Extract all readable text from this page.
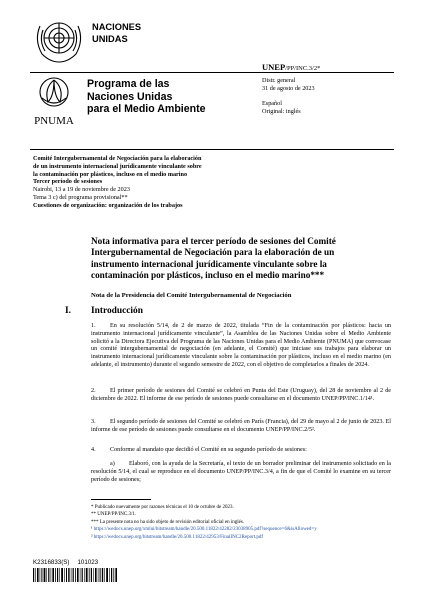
NACIONES
UNIDAS
UNEP/PP/INC.3/2*
PNUMA
Programa de las
Naciones Unidas
para el Medio Ambiente
Distr. general
31 de agosto de 2023
Español
Original: inglés
Comité Intergubernamental de Negociación para la elaboración
de un instrumento internacional jurídicamente vinculante sobre
la contaminación por plásticos, incluso en el medio marino
Tercer período de sesiones
Nairobi, 13 a 19 de noviembre de 2023
Tema 3 c) del programa provisional**
Cuestiones de organización: organización de los trabajos
Nota informativa para el tercer período de sesiones del Comité
Intergubernamental de Negociación para la elaboración de un
instrumento internacional jurídicamente vinculante sobre la
contaminación por plásticos, incluso en el medio marino***
Nota de la Presidencia del Comité Intergubernamental de Negociación
I. Introducción
1. En su resolución 5/14, de 2 de marzo de 2022, titulada “Fin de la contaminación por plásticos: hacia un instrumento internacional jurídicamente vinculante”, la Asamblea de las Naciones Unidas sobre el Medio Ambiente solicitó a la Directora Ejecutiva del Programa de las Naciones Unidas para el Medio Ambiente (PNUMA) que convocase un comité intergubernamental de negociación (en adelante, el Comité) que iniciase sus trabajos para elaborar un instrumento internacional jurídicamente vinculante sobre la contaminación por plásticos, incluso en el medio marino (en adelante, el instrumento) durante el segundo semestre de 2022, con el objetivo de completarlos a finales de 2024.
2. El primer período de sesiones del Comité se celebró en Punta del Este (Uruguay), del 28 de noviembre al 2 de diciembre de 2022. El informe de ese período de sesiones puede consultarse en el documento UNEP/PP/INC.1/14¹.
3. El segundo período de sesiones del Comité se celebró en París (Francia), del 29 de mayo al 2 de junio de 2023. El informe de ese período de sesiones puede consultarse en el documento UNEP/PP/INC.2/5².
4. Conforme al mandato que decidió el Comité en su segundo período de sesiones:
a) Elaboró, con la ayuda de la Secretaría, el texto de un borrador preliminar del instrumento solicitado en la resolución 5/14, el cual se reproduce en el documento UNEP/PP/INC.3/4, a fin de que el Comité lo examine en su tercer período de sesiones;
* Publicado nuevamente por razones técnicas el 10 de octubre de 2023.
** UNEP/PP/INC.3/1.
*** La presente nota no ha sido objeto de revisión editorial oficial en inglés.
¹ https://wedocs.unep.org/xmlui/bitstream/handle/20.500.11822/42282/23038905.pdf?sequence=6&isAllowed=y
² https://wedocs.unep.org/bitstream/handle/20.500.11822/42953/FinalINC2Report.pdf
K2316833(S) 101023
